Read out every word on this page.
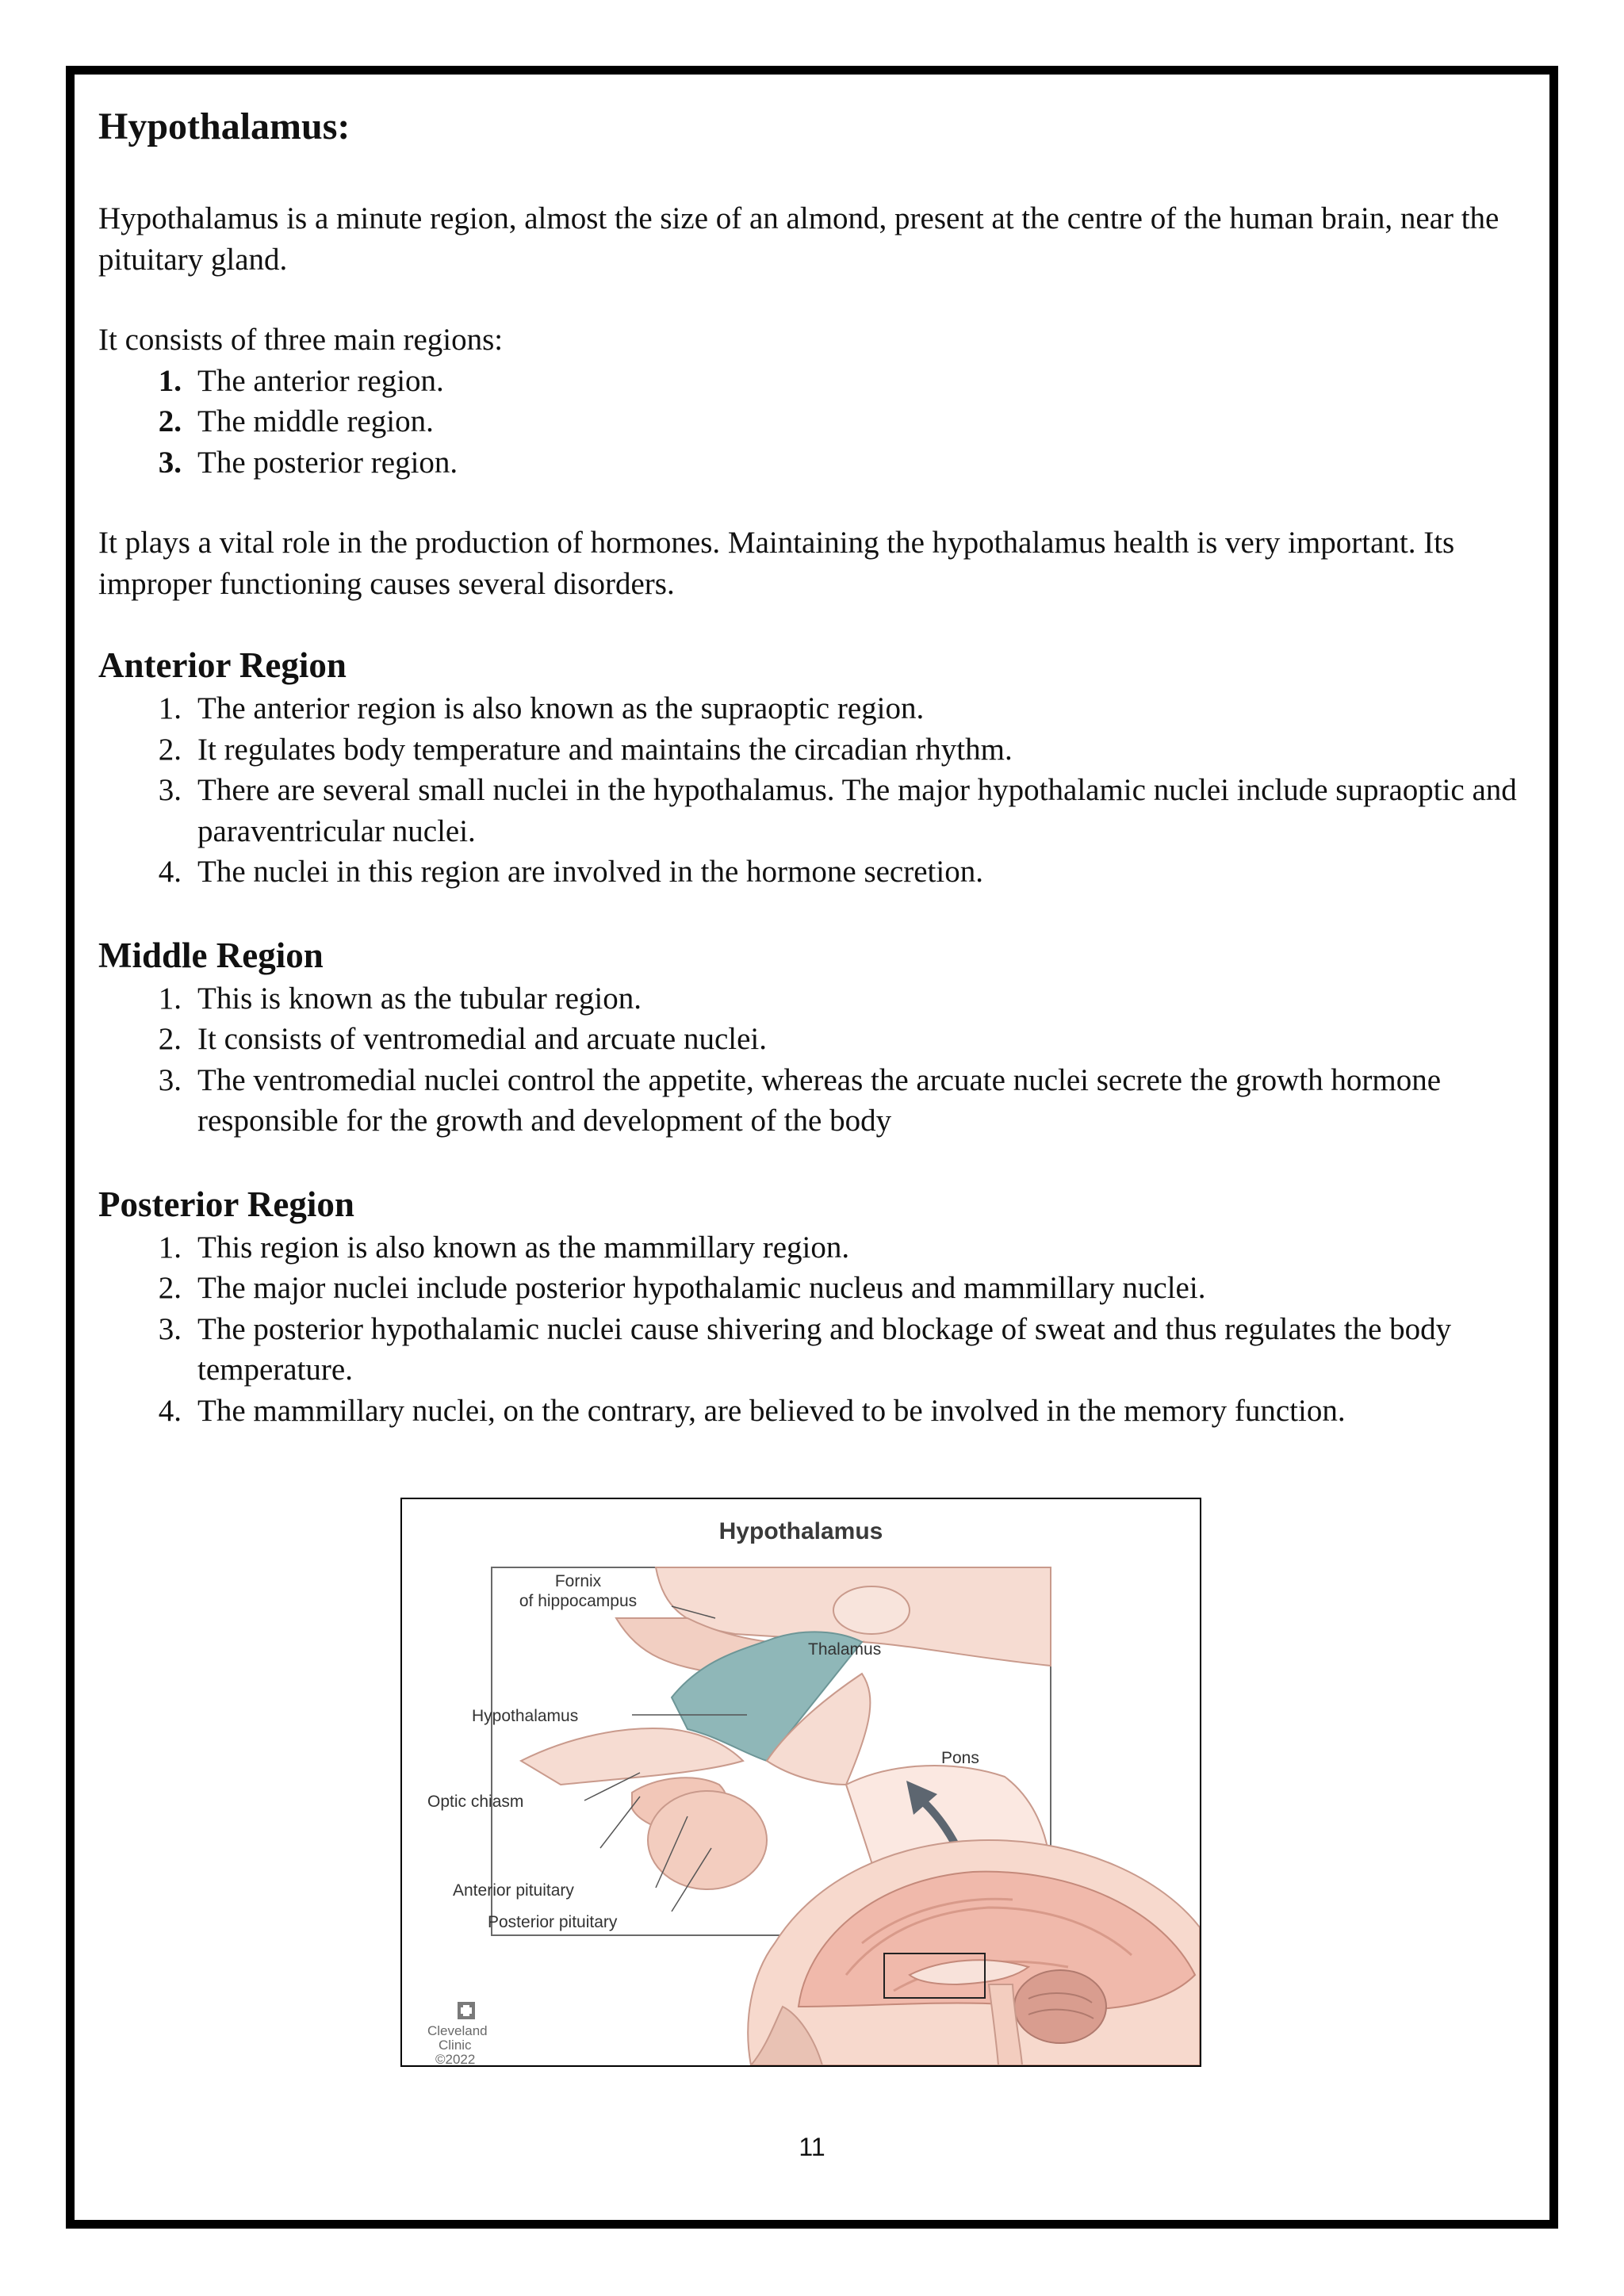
Hypothalamus:

Hypothalamus is a minute region, almost the size of an almond, present at the centre of the human brain, near the pituitary gland.

It consists of three main regions:

1. The anterior region.
2. The middle region.
3. The posterior region.

It plays a vital role in the production of hormones. Maintaining the hypothalamus health is very important. Its improper functioning causes several disorders.

Anterior Region
1. The anterior region is also known as the supraoptic region.
2. It regulates body temperature and maintains the circadian rhythm.
3. There are several small nuclei in the hypothalamus. The major hypothalamic nuclei include supraoptic and paraventricular nuclei.
4. The nuclei in this region are involved in the hormone secretion.
Middle Region
1. This is known as the tubular region.
2. It consists of ventromedial and arcuate nuclei.
3. The ventromedial nuclei control the appetite, whereas the arcuate nuclei secrete the growth hormone responsible for the growth and development of the body
Posterior Region
1. This region is also known as the mammillary region.
2. The major nuclei include posterior hypothalamic nucleus and mammillary nuclei.
3. The posterior hypothalamic nuclei cause shivering and blockage of sweat and thus regulates the body temperature.
4. The mammillary nuclei, on the contrary, are believed to be involved in the memory function.
Hypothalamus
Fornix
of hippocampus
Thalamus
Hypothalamus
Pons
Optic chiasm
Anterior pituitary
Posterior pituitary
Cleveland
Clinic
©2022
11
